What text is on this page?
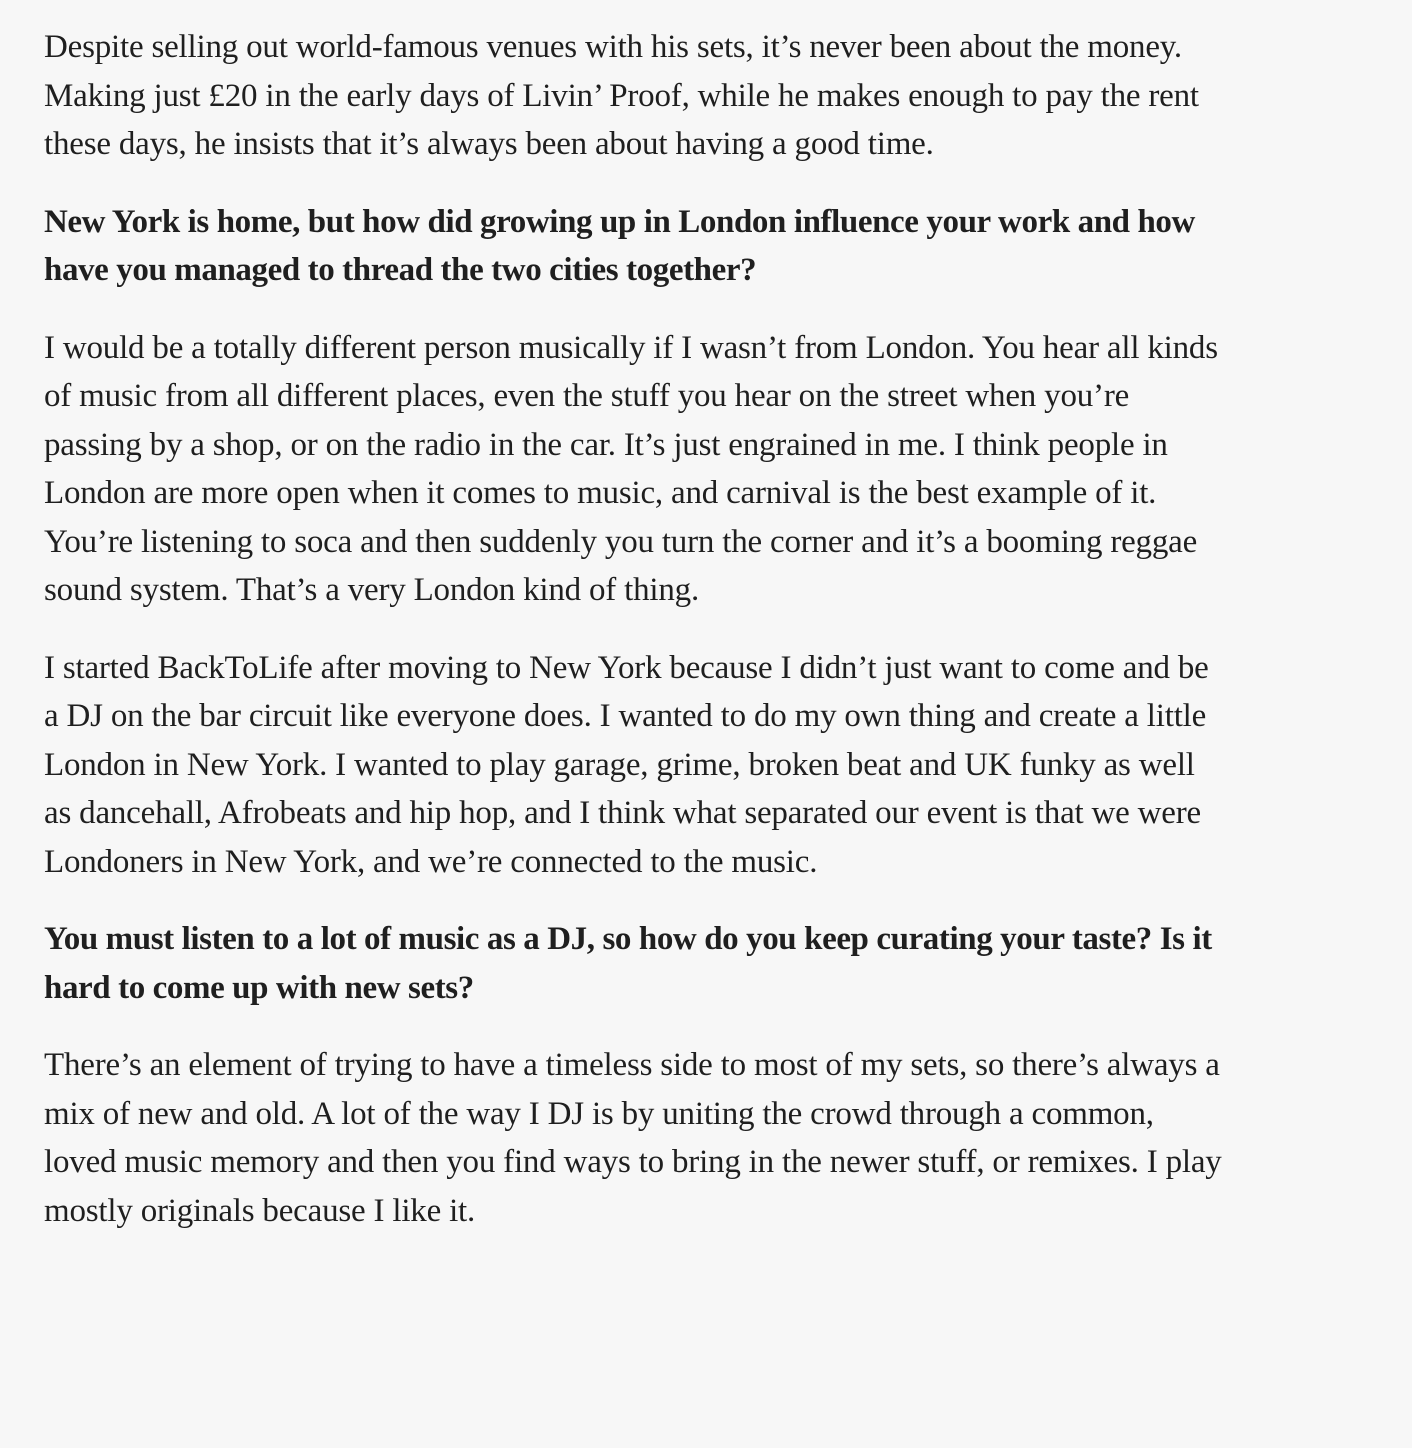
Despite selling out world-famous venues with his sets, it’s never been about the money. Making just £20 in the early days of Livin’ Proof, while he makes enough to pay the rent these days, he insists that it’s always been about having a good time.

New York is home, but how did growing up in London influence your work and how have you managed to thread the two cities together?

I would be a totally different person musically if I wasn’t from London. You hear all kinds of music from all different places, even the stuff you hear on the street when you’re passing by a shop, or on the radio in the car. It’s just engrained in me. I think people in London are more open when it comes to music, and carnival is the best example of it. You’re listening to soca and then suddenly you turn the corner and it’s a booming reggae sound system. That’s a very London kind of thing.

I started BackToLife after moving to New York because I didn’t just want to come and be a DJ on the bar circuit like everyone does. I wanted to do my own thing and create a little London in New York. I wanted to play garage, grime, broken beat and UK funky as well as dancehall, Afrobeats and hip hop, and I think what separated our event is that we were Londoners in New York, and we’re connected to the music.

You must listen to a lot of music as a DJ, so how do you keep curating your taste? Is it hard to come up with new sets?

There’s an element of trying to have a timeless side to most of my sets, so there’s always a mix of new and old. A lot of the way I DJ is by uniting the crowd through a common, loved music memory and then you find ways to bring in the newer stuff, or remixes. I play mostly originals because I like it.
